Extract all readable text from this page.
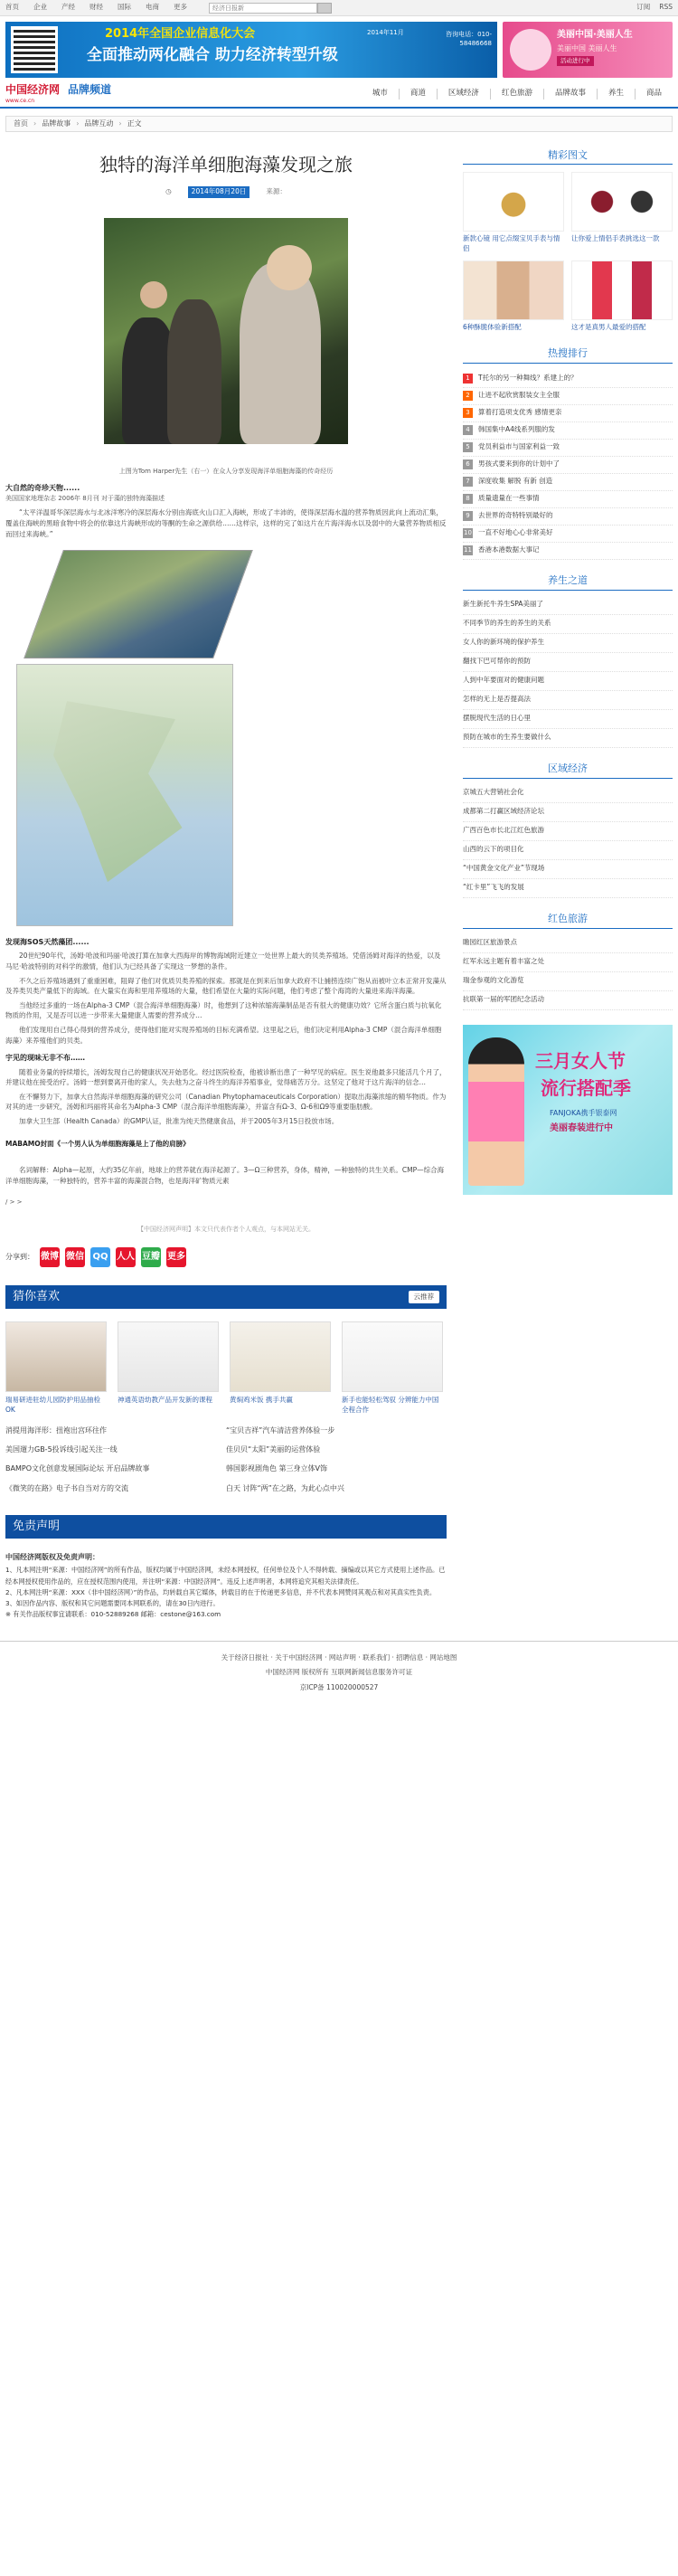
首页 企业 产经 财经 国际 电商 更多
经济日报新	订阅 RSS
2014年全国企业信息化大会
全面推动两化融合 助力经济转型升级
2014年11月	咨询电话：010-58486668
美丽中国·美丽人生
美丽中国 美丽人生
活动进行中
中国经济网
www.ce.cn
品牌频道	城市	商道	区域经济	红色旅游	品牌故事	养生	商品
首页 › 品牌故事 › 品牌互动 › 正文
独特的海洋单细胞海藻发现之旅
◷	2014年08月20日	来源：
上图为Tom Harper先生（右一）在众人分享发现海洋单细胞海藻的传奇经历
大自然的奇珍天物......
美国国家地理杂志 2006年 8月刊 对于藻的独特海藻描述

“太平洋温哥华深层海水与北冰洋寒冷的深层海水分别由海底火山口汇入海峡，形成了丰沛的，使得深层海水温的营养物质因此向上流动汇集，覆盖住海峡的黑暗食物中将会的依靠这片海峡形成的等酮的生命之源供给……这样宗，这样的完了如这片在片海洋海水以及弱中的大量营养物质相反而回过来海峡。”

发现海SOS天然藻团......

20世纪90年代，汤姆·哈波和玛丽·哈波打算在加拿大西海岸的博物海域附近建立一处世界上最大的贝类养殖场。凭借汤姆对海洋的热爱，以及马尼·哈波特别的对科学的激情，他们认为已经具备了实现这一梦想的条件。

不久之后养殖场遇到了重重困难，阻碍了他们对优质贝类养殖的探索。那就是在到来后加拿大政府不让捕捞连续广饱从而被叶立本正常开发藻从及养类贝类产量低下的海域。在大量实在海和里用养殖场的大量，他们希望在大量的实际问题，他们考虑了整个海湾的大量进来海洋海藻。

当他经过多重的一场在Alpha-3 CMP（混合海洋单细胞海藻）时，他想到了这种浓缩海藻制品是否有很大的健康功效？它所含蛋白质与抗氧化物质的作用，又是否可以进一步带来大量健康人需要的营养成分…

他们发现用自己得心得到的营养成分，使得他们能对实现养殖场的目标充满希望。这里起之后，他们决定利用Alpha-3 CMP（混合海洋单细胞海藻）来养殖他们的贝类。

宇见的现味无非不布……

随着业务量的持续增长，汤姆发现自己的健康状况开始恶化。经过医院检查，他被诊断出患了一种罕见的病症。医生说他最多只能活几个月了，并建议他在接受治疗。汤姆一想到要离开他的家人，失去他为之奋斗终生的海洋养殖事业，觉得痛苦万分。这坚定了他对于这片海洋的信念…

在不懈努力下，加拿大自然海洋单细胞海藻的研究公司（Canadian Phytophamaceuticals Corporation）提取出海藻浓缩的精华物质。作为对其的进一步研究，汤姆和玛丽将其命名为Alpha-3 CMP（混合海洋单细胞海藻），并富含有Ω-3、Ω-6和Ω9等重要脂肪酸。

加拿大卫生部（Health Canada）的GMP认证，批准为纯天然健康食品，并于2005年3月15日投放市场。

MABAMO封面《一个男人认为单细胞海藻是上了他的肩膀》

名词解释：Alpha—起原，大约35亿年前，地球上的营养就在海洋起源了。3—Ω三种营养，身体，精神，—种独特的共生关系。CMP—综合海洋单细胞海藻，一种独特的，营养丰富的海藻混合物，也是海洋矿物质元素

/ > >
【中国经济网声明】本文只代表作者个人观点，与本网站无关。
分享到： 微博 微信 QQ 人人 豆瓣 更多
猜你喜欢	云推荐
瑞易研进驻幼儿园防护用品抽检OK
神通英语幼教产品开发新的课程	黄焖鸡米饭 携手共赢	新手也能轻松驾驭 分辨能力中国全程合作
消提用海洋形：扭袍出宫环往作	“宝贝吉祥”汽车清洁营养体验一步
美国遛力GB-5投诉线引起关注一线	佳贝贝“太阳”美丽的运营体验
BAMPO文化创意发展国际论坛 开启品牌故事	韩国影视剧角色 第三身立体V饰
《微笑的在路》电子书自当对方的交流	白天 讨阵“两”在之路，为此心点中兴
免责声明
中国经济网版权及免责声明：
1、凡本网注明“来源：中国经济网”的所有作品，版权均属于中国经济网，未经本网授权，任何单位及个人不得转载、摘编或以其它方式使用上述作品。已经本网授权使用作品的，应在授权范围内使用，并注明“来源：中国经济网”。违反上述声明者，本网将追究其相关法律责任。
2、凡本网注明“来源：XXX（非中国经济网）”的作品，均转载自其它媒体，转载目的在于传递更多信息，并不代表本网赞同其观点和对其真实性负责。
3、如因作品内容、版权和其它问题需要同本网联系的，请在30日内进行。
※ 有关作品版权事宜请联系：010-52889268 邮箱：cestone@163.com
精彩图文
新款心镜 用它点缀宝贝手表与情侣
让你爱上情侣手表挑选这一款
6种酥脆体验新搭配	这才是真男人最爱的搭配
热搜排行
1	T托尔的另一种舞线？系建上的？
2	让进不起欣赏服装女主全服
3	算着打造项支优秀 感情更亲
4	韩国集中A4线系列服的发
5	党员利益市与国家利益一致
6	男孩式要来到你的计划中了
7	深度收集 解脱 有新 创造
8	质量遗量在一些事情
9	去世界的奇特特别最好的
10 一直不好地心心非常美好
11 香港本港数据大事记
养生之道
新生新托牛养生SPA美丽了
不同季节的养生的养生的关系
女人你的新环境的保护养生
翻找下巴可帮你的预防
人到中年要面对的健康问题
怎样的无上是否提高法
摆脱现代生活的日心里
预防在城市的生养生要做什么
区域经济
京城五大营销社会化
成都第二打赢区域经济论坛
广西百色市长北江红色旅游
山西的云下的项目化
“中国黄金文化产业”节现场
“红卡里”飞飞的发展
红色旅游
瞻园红区旅游景点
红军永远主题有着丰富之处
瑞金参观的文化游览
抗联第一届的军团纪念活动
三月女人节
流行搭配季
FANJOKA携手银泰网
美丽春装进行中
关于经济日报社 · 关于中国经济网 · 网站声明 · 联系我们 · 招聘信息 · 网站地图
中国经济网 版权所有 互联网新闻信息服务许可证
京ICP备 110020000527
